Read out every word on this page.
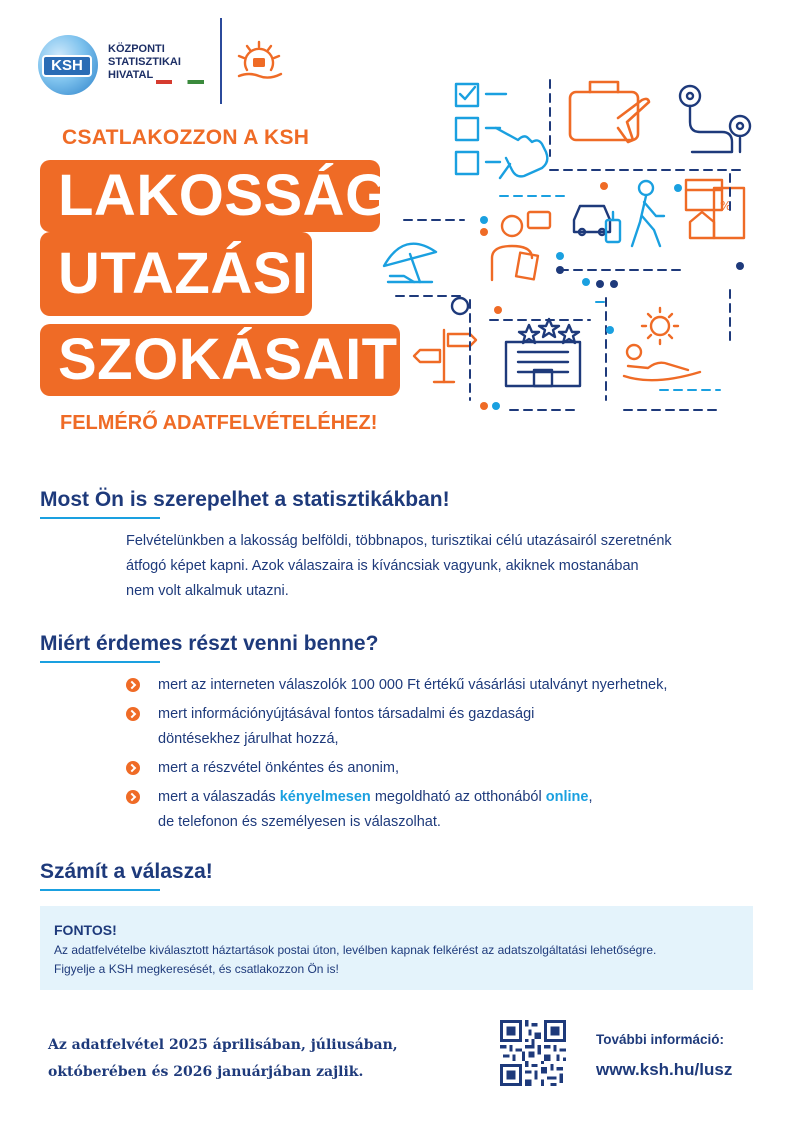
KSH
KÖZPONTI
STATISZTIKAI
HIVATAL
CSATLAKOZZON A KSH
LAKOSSÁG
UTAZÁSI
SZOKÁSAIT
FELMÉRŐ ADATFELVÉTELÉHEZ!
%
Most Ön is szerepelhet a statisztikákban!
Felvételünkben a lakosság belföldi, többnapos, turisztikai célú utazásairól szeretnénk
átfogó képet kapni. Azok válaszaira is kíváncsiak vagyunk, akiknek mostanában
nem volt alkalmuk utazni.
Miért érdemes részt venni benne?
mert az interneten válaszolók 100 000 Ft értékű vásárlási utalványt nyerhetnek,
mert információnyújtásával fontos társadalmi és gazdasági
döntésekhez járulhat hozzá,
mert a részvétel önkéntes és anonim,
mert a válaszadás kényelmesen megoldható az otthonából online,
de telefonon és személyesen is válaszolhat.
Számít a válasza!
FONTOS!
Az adatfelvételbe kiválasztott háztartások postai úton, levélben kapnak felkérést az adatszolgáltatási lehetőségre.
Figyelje a KSH megkeresését, és csatlakozzon Ön is!
Az adatfelvétel 2025 áprilisában, júliusában,
októberében és 2026 januárjában zajlik.
További információ:
www.ksh.hu/lusz
